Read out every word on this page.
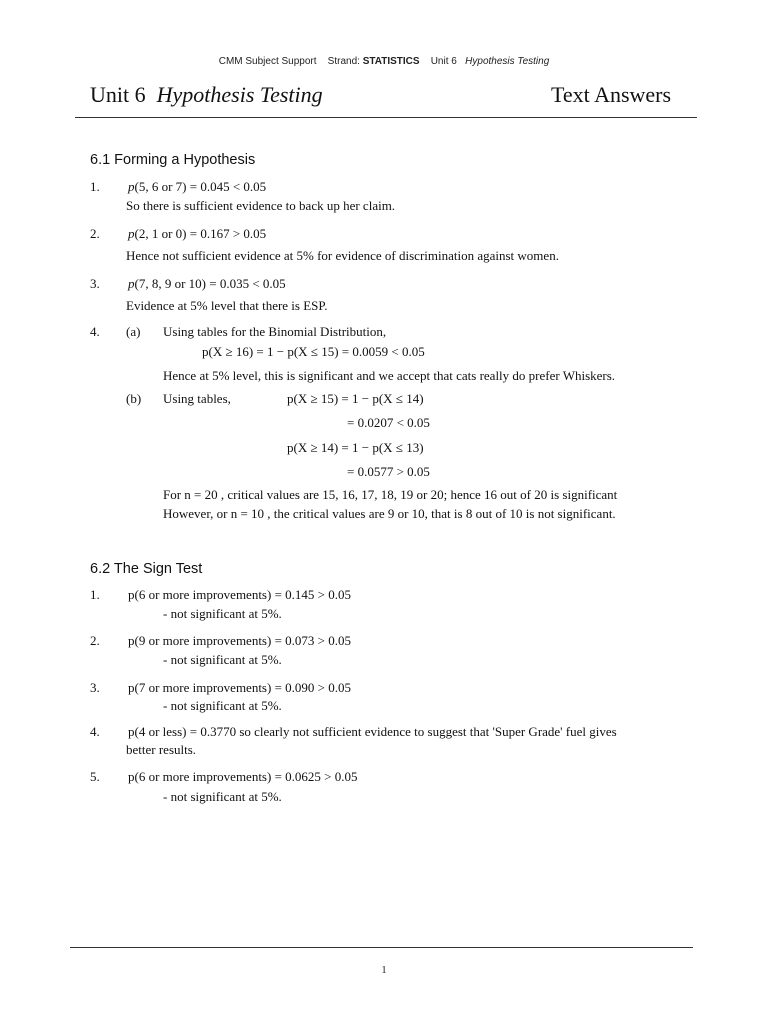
CMM Subject Support Strand: STATISTICS Unit 6 Hypothesis Testing
Unit 6 Hypothesis Testing	Text Answers
6.1 Forming a Hypothesis
1. p(5, 6 or 7) = 0.045 < 0.05
So there is sufficient evidence to back up her claim.
2. p(2, 1 or 0) = 0.167 > 0.05
Hence not sufficient evidence at 5% for evidence of discrimination against women.
3. p(7, 8, 9 or 10) = 0.035 < 0.05
Evidence at 5% level that there is ESP.
4. (a) Using tables for the Binomial Distribution,
p(X ≥ 16) = 1 − p(X ≤ 15) = 0.0059 < 0.05
Hence at 5% level, this is significant and we accept that cats really do prefer Whiskers.
(b) Using tables,	p(X ≥ 15) = 1 − p(X ≤ 14)
= 0.0207 < 0.05
p(X ≥ 14) = 1 − p(X ≤ 13)
= 0.0577 > 0.05
For n = 20 , critical values are 15, 16, 17, 18, 19 or 20; hence 16 out of 20 is significant
However, or n = 10 , the critical values are 9 or 10, that is 8 out of 10 is not significant.
6.2 The Sign Test
1. p(6 or more improvements) = 0.145 > 0.05
- not significant at 5%.
2. p(9 or more improvements) = 0.073 > 0.05
- not significant at 5%.
3. p(7 or more improvements) = 0.090 > 0.05
- not significant at 5%.
4. p(4 or less) = 0.3770 so clearly not sufficient evidence to suggest that 'Super Grade' fuel gives
better results.
5. p(6 or more improvements) = 0.0625 > 0.05
- not significant at 5%.
1
